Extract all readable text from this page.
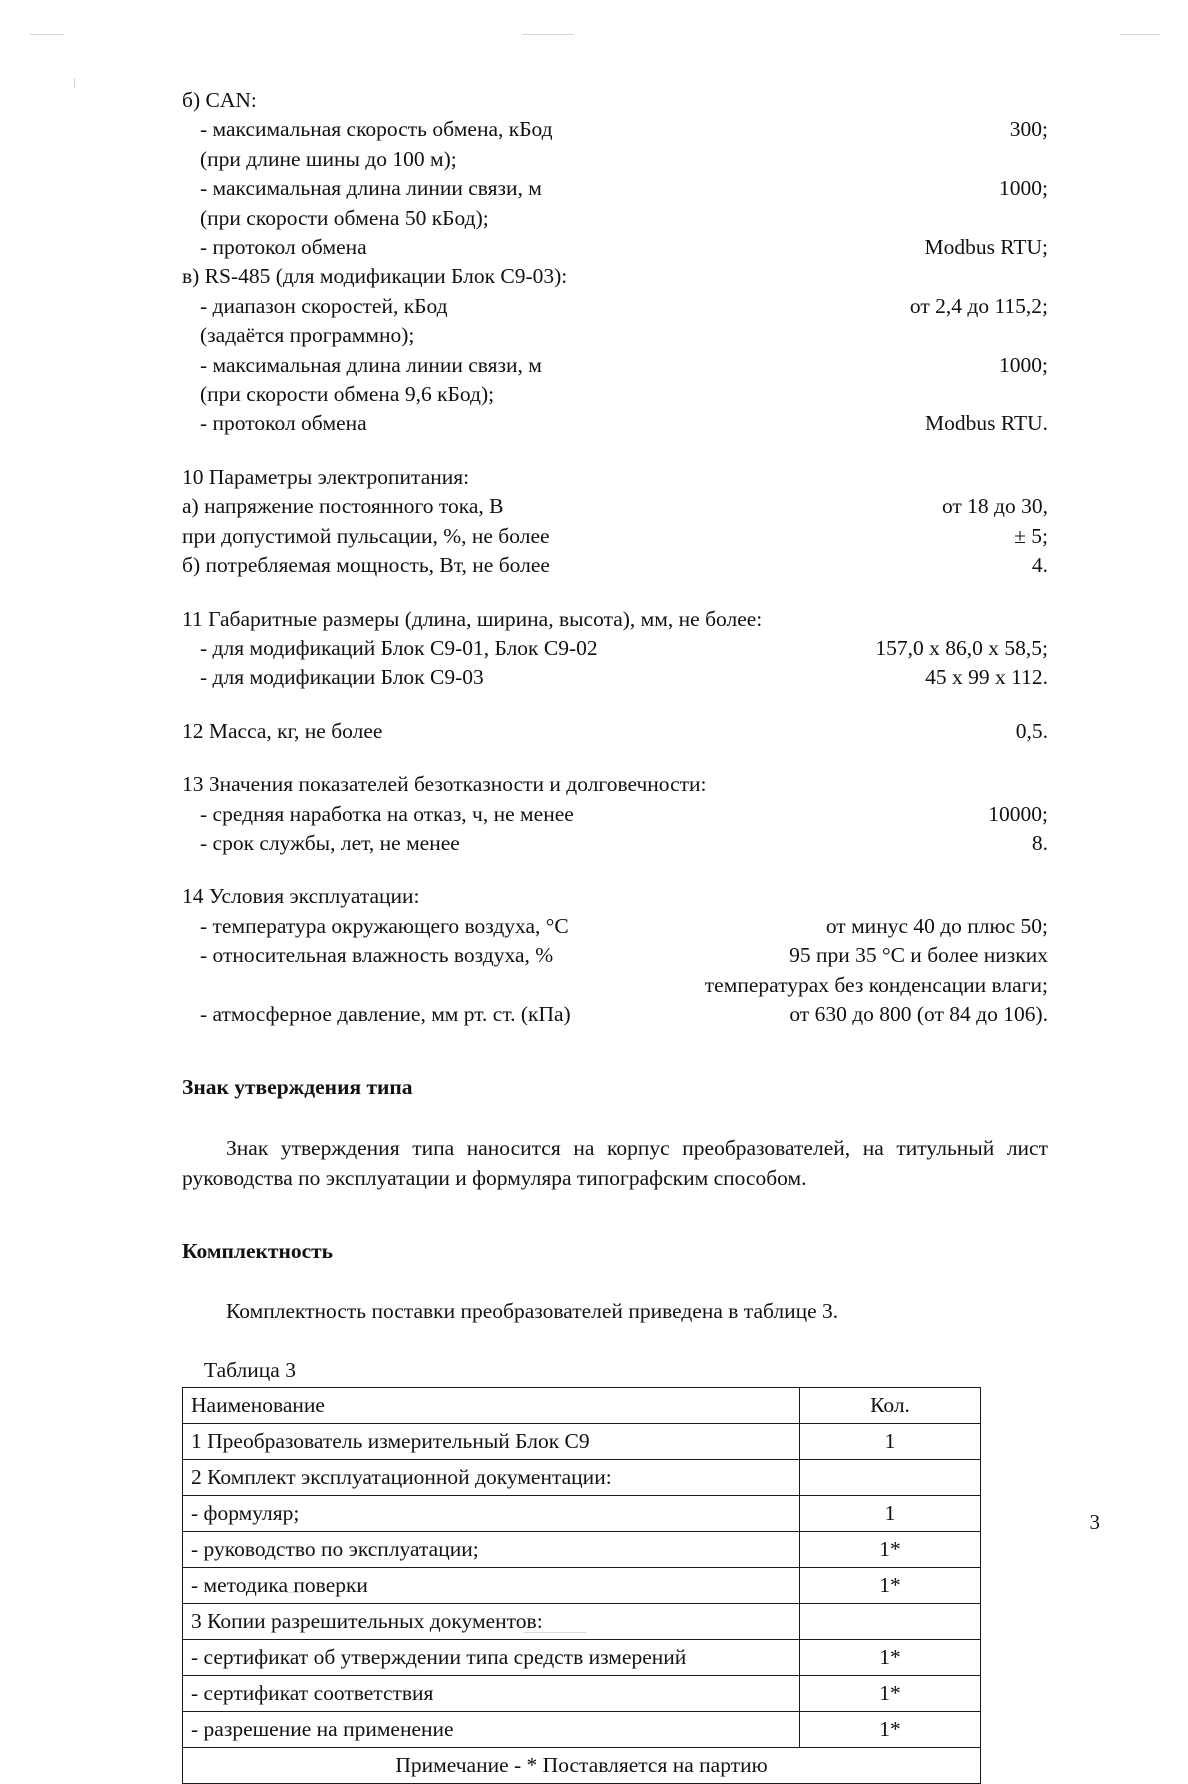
б) CAN:
- максимальная скорость обмена, кБод	300;
(при длине шины до 100 м);
- максимальная длина линии связи, м	1000;
(при скорости обмена 50 кБод);
- протокол обмена	Modbus RTU;
в) RS-485 (для модификации Блок С9-03):
- диапазон скоростей, кБод	от 2,4 до 115,2;
(задаётся программно);
- максимальная длина линии связи, м	1000;
(при скорости обмена 9,6 кБод);
- протокол обмена	Modbus RTU.
10 Параметры электропитания:
а) напряжение постоянного тока, В	от 18 до 30,
при допустимой пульсации, %, не более	± 5;
б) потребляемая мощность, Вт, не более	4.
11 Габаритные размеры (длина, ширина, высота), мм, не более:
- для модификаций Блок С9-01, Блок С9-02	157,0 x 86,0 x 58,5;
- для модификации Блок С9-03	45 x 99 x 112.
12 Масса, кг, не более	0,5.
13 Значения показателей безотказности и долговечности:
- средняя наработка на отказ, ч, не менее	10000;
- срок службы, лет, не менее	8.
14 Условия эксплуатации:
- температура окружающего воздуха, °C	от минус 40 до плюс 50;
- относительная влажность воздуха, %	95 при 35 °C и более низких
температурах без конденсации влаги;
- атмосферное давление, мм рт. ст. (кПа)	от 630 до 800 (от 84 до 106).
Знак утверждения типа
Знак утверждения типа наносится на корпус преобразователей, на титульный лист руководства по эксплуатации и формуляра типографским способом.
Комплектность
Комплектность поставки преобразователей приведена в таблице 3.
Таблица 3
Наименование	Кол.
1 Преобразователь измерительный Блок С9	1
2 Комплект эксплуатационной документации:	
- формуляр;	1
- руководство по эксплуатации;	1*
- методика поверки	1*
3 Копии разрешительных документов:	
- сертификат об утверждении типа средств измерений	1*
- сертификат соответствия	1*
- разрешение на применение	1*
Примечание - * Поставляется на партию	
3
